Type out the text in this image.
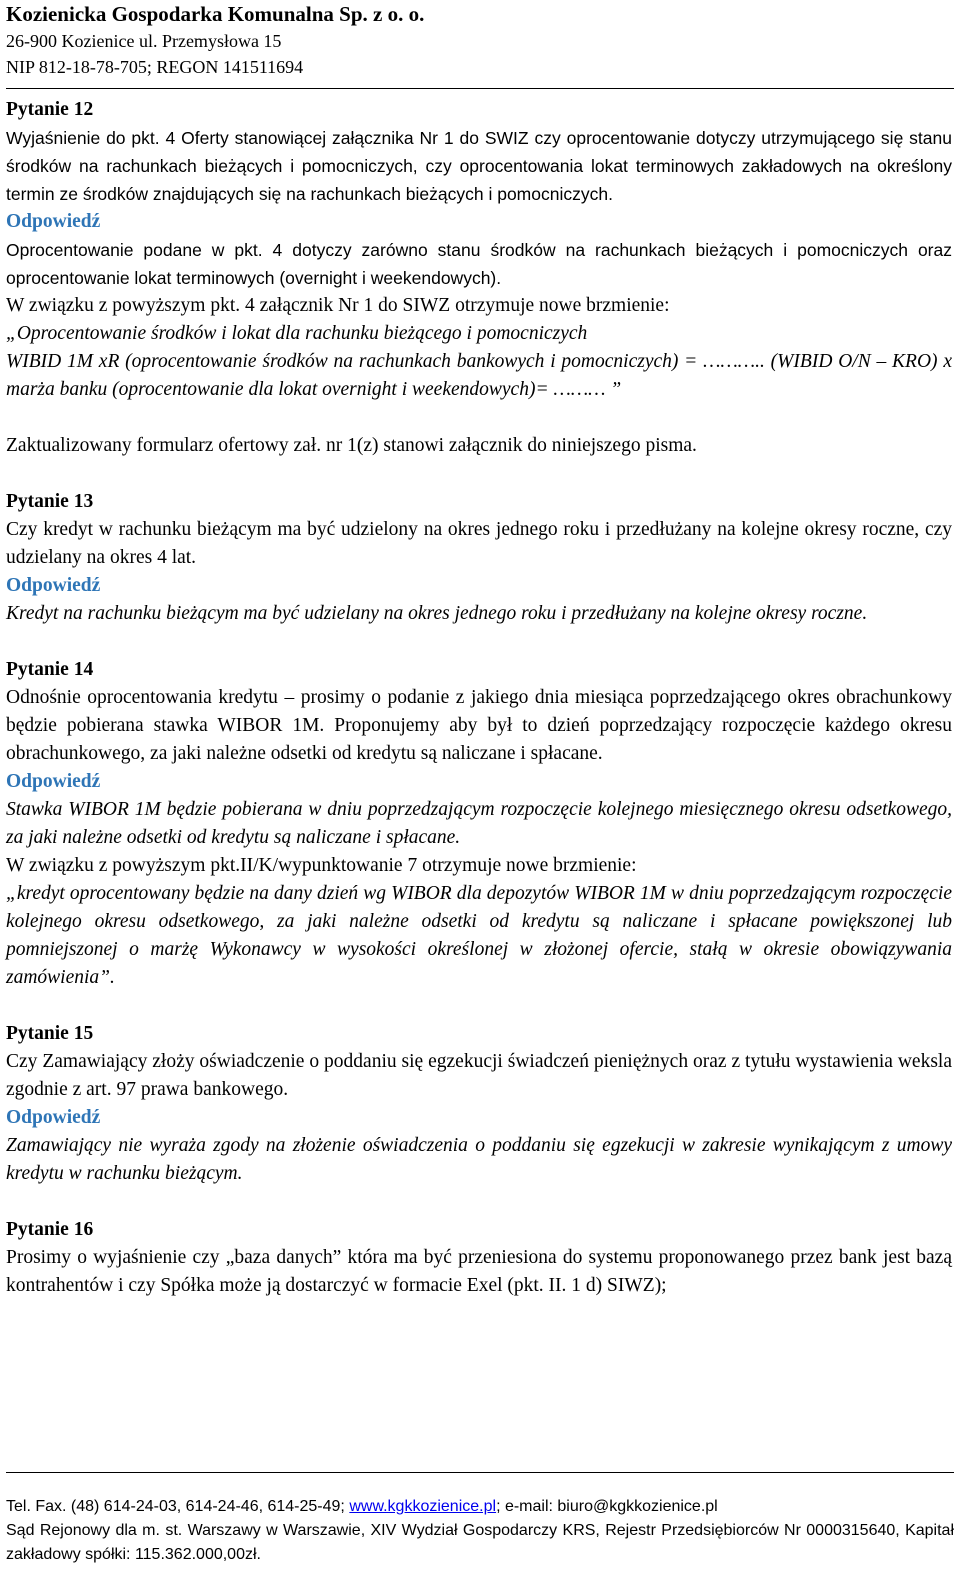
Kozienicka Gospodarka Komunalna Sp. z o. o.
26-900 Kozienice ul. Przemysłowa 15
NIP 812-18-78-705; REGON 141511694

Pytanie 12

Wyjaśnienie do pkt. 4 Oferty stanowiącej załącznika Nr 1 do SWIZ czy oprocentowanie dotyczy utrzymującego się stanu środków na rachunkach bieżących i pomocniczych, czy oprocentowania lokat terminowych zakładowych na określony termin ze środków znajdujących się na rachunkach bieżących i pomocniczych.

Odpowiedź

Oprocentowanie podane w pkt. 4 dotyczy zarówno stanu środków na rachunkach bieżących i pomocniczych oraz oprocentowanie lokat terminowych (overnight i weekendowych).

W związku z powyższym pkt. 4 załącznik Nr 1 do SIWZ otrzymuje nowe brzmienie:

„Oprocentowanie środków i lokat dla rachunku bieżącego i pomocniczych

WIBID 1M xR (oprocentowanie środków na rachunkach bankowych i pomocniczych) = ……….. (WIBID O/N – KRO) x marża banku (oprocentowanie dla lokat overnight i weekendowych)= ……… ”

Zaktualizowany formularz ofertowy zał. nr 1(z) stanowi załącznik do niniejszego pisma.

Pytanie 13

Czy kredyt w rachunku bieżącym ma być udzielony na okres jednego roku i przedłużany na kolejne okresy roczne, czy udzielany na okres 4 lat.

Odpowiedź

Kredyt na rachunku bieżącym ma być udzielany na okres jednego roku i przedłużany na kolejne okresy roczne.

Pytanie 14

Odnośnie oprocentowania kredytu – prosimy o podanie z jakiego dnia miesiąca poprzedzającego okres obrachunkowy będzie pobierana stawka WIBOR 1M. Proponujemy aby był to dzień poprzedzający rozpoczęcie każdego okresu obrachunkowego, za jaki należne odsetki od kredytu są naliczane i spłacane.

Odpowiedź

Stawka WIBOR 1M będzie pobierana w dniu poprzedzającym rozpoczęcie kolejnego miesięcznego okresu odsetkowego, za jaki należne odsetki od kredytu są naliczane i spłacane.

W związku z powyższym pkt.II/K/wypunktowanie 7 otrzymuje nowe brzmienie:

„kredyt oprocentowany będzie na dany dzień wg WIBOR dla depozytów WIBOR 1M w dniu poprzedzającym rozpoczęcie kolejnego okresu odsetkowego, za jaki należne odsetki od kredytu są naliczane i spłacane powiększonej lub pomniejszonej o marżę Wykonawcy w wysokości określonej w złożonej ofercie, stałą w okresie obowiązywania zamówienia”.

Pytanie 15

Czy Zamawiający złoży oświadczenie o poddaniu się egzekucji świadczeń pieniężnych oraz z tytułu wystawienia weksla zgodnie z art. 97 prawa bankowego.

Odpowiedź

Zamawiający nie wyraża zgody na złożenie oświadczenia o poddaniu się egzekucji w zakresie wynikającym z umowy kredytu w rachunku bieżącym.

Pytanie 16

Prosimy o wyjaśnienie czy „baza danych” która ma być przeniesiona do systemu proponowanego przez bank jest bazą kontrahentów i czy Spółka może ją dostarczyć w formacie Exel (pkt. II. 1 d) SIWZ);

Tel. Fax. (48) 614-24-03, 614-24-46, 614-25-49; www.kgkkozienice.pl; e-mail: biuro@kgkkozienice.pl
Sąd Rejonowy dla m. st. Warszawy w Warszawie, XIV Wydział Gospodarczy KRS, Rejestr Przedsiębiorców Nr 0000315640, Kapitał zakładowy spółki: 115.362.000,00zł.
